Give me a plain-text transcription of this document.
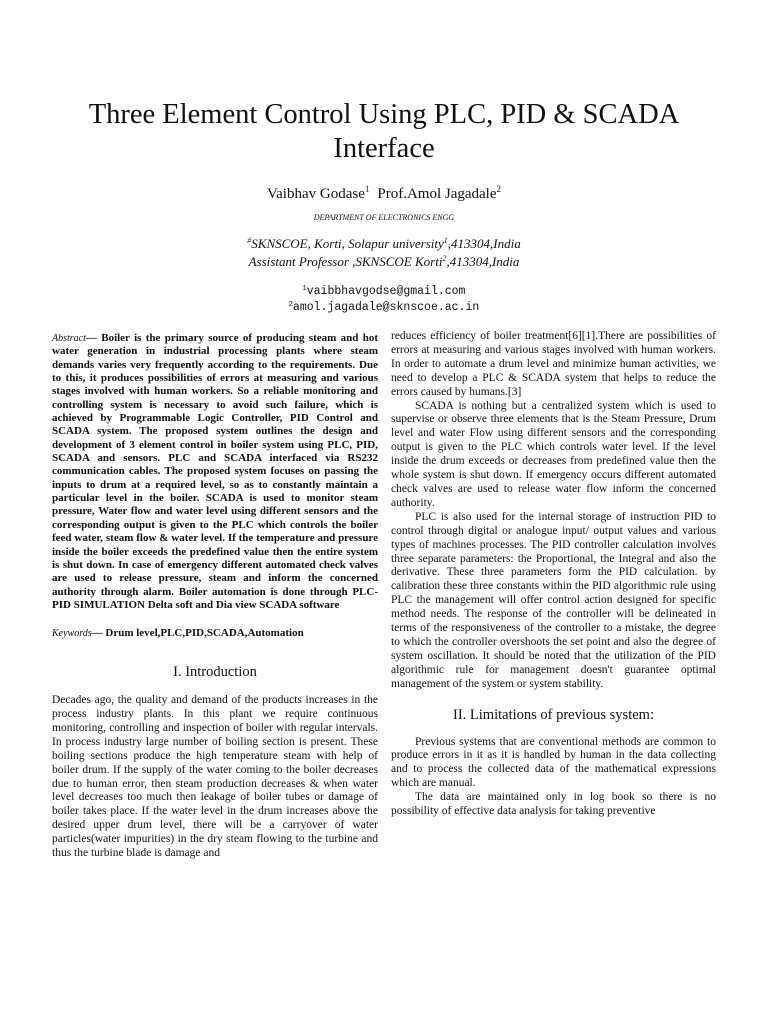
Three Element Control Using PLC, PID & SCADA Interface
Vaibhav Godase$^1$ Prof.Amol Jagadale$^2$
DEPARTMENT OF ELECTRONICS ENGG
#SKNSCOE, Korti, Solapur university$^1$,413304,India
Assistant Professor ,SKNSCOE Korti$^2$,413304,India
$^1$vaibbhavgodse@gmail.com
$^2$amol.jagadale@sknscoe.ac.in

Abstract— Boiler is the primary source of producing steam and hot water generation in industrial processing plants where steam demands varies very frequently according to the requirements. Due to this, it produces possibilities of errors at measuring and various stages involved with human workers. So a reliable monitoring and controlling system is necessary to avoid such failure, which is achieved by Programmable Logic Controller, PID Control and SCADA system. The proposed system outlines the design and development of 3 element control in boiler system using PLC, PID, SCADA and sensors. PLC and SCADA interfaced via RS232 communication cables. The proposed system focuses on passing the inputs to drum at a required level, so as to constantly maintain a particular level in the boiler. SCADA is used to monitor steam pressure, Water flow and water level using different sensors and the corresponding output is given to the PLC which controls the boiler feed water, steam flow & water level. If the temperature and pressure inside the boiler exceeds the predefined value then the entire system is shut down. In case of emergency different automated check valves are used to release pressure, steam and inform the concerned authority through alarm. Boiler automation is done through PLC- PID SIMULATION Delta soft and Dia view SCADA software

Keywords— Drum level,PLC,PID,SCADA,Automation

I. Introduction

Decades ago, the quality and demand of the products increases in the process industry plants. In this plant we require continuous monitoring, controlling and inspection of boiler with regular intervals. In process industry large number of boiling section is present. These boiling sections produce the high temperature steam with help of boiler drum. If the supply of the water coming to the boiler decreases due to human error, then steam production decreases & when water level decreases too much then leakage of boiler tubes or damage of boiler takes place. If the water level in the drum increases above the desired upper drum level, there will be a carryover of water particles(water impurities) in the dry steam flowing to the turbine and thus the turbine blade is damage and

reduces efficiency of boiler treatment[6][1].There are possibilities of errors at measuring and various stages involved with human workers. In order to automate a drum level and minimize human activities, we need to develop a PLC & SCADA system that helps to reduce the errors caused by humans.[3]

SCADA is nothing but a centralized system which is used to supervise or observe three elements that is the Steam Pressure, Drum level and water Flow using different sensors and the corresponding output is given to the PLC which controls water level. If the level inside the drum exceeds or decreases from predefined value then the whole system is shut down. If emergency occurs different automated check valves are used to release water flow inform the concerned authority.

PLC is also used for the internal storage of instruction PID to control through digital or analogue input/ output values and various types of machines processes. The PID controller calculation involves three separate parameters: the Proportional, the Integral and also the derivative. These three parameters form the PID calculation. by calibration these three constants within the PID algorithmic rule using PLC the management will offer control action designed for specific method needs. The response of the controller will be delineated in terms of the responsiveness of the controller to a mistake, the degree to which the controller overshoots the set point and also the degree of system oscillation. It should be noted that the utilization of the PID algorithmic rule for management doesn't guarantee optimal management of the system or system stability.

II. Limitations of previous system:

Previous systems that are conventional methods are common to produce errors in it as it is handled by human in the data collecting and to process the collected data of the mathematical expressions which are manual.

The data are maintained only in log book so there is no possibility of effective data analysis for taking preventive
